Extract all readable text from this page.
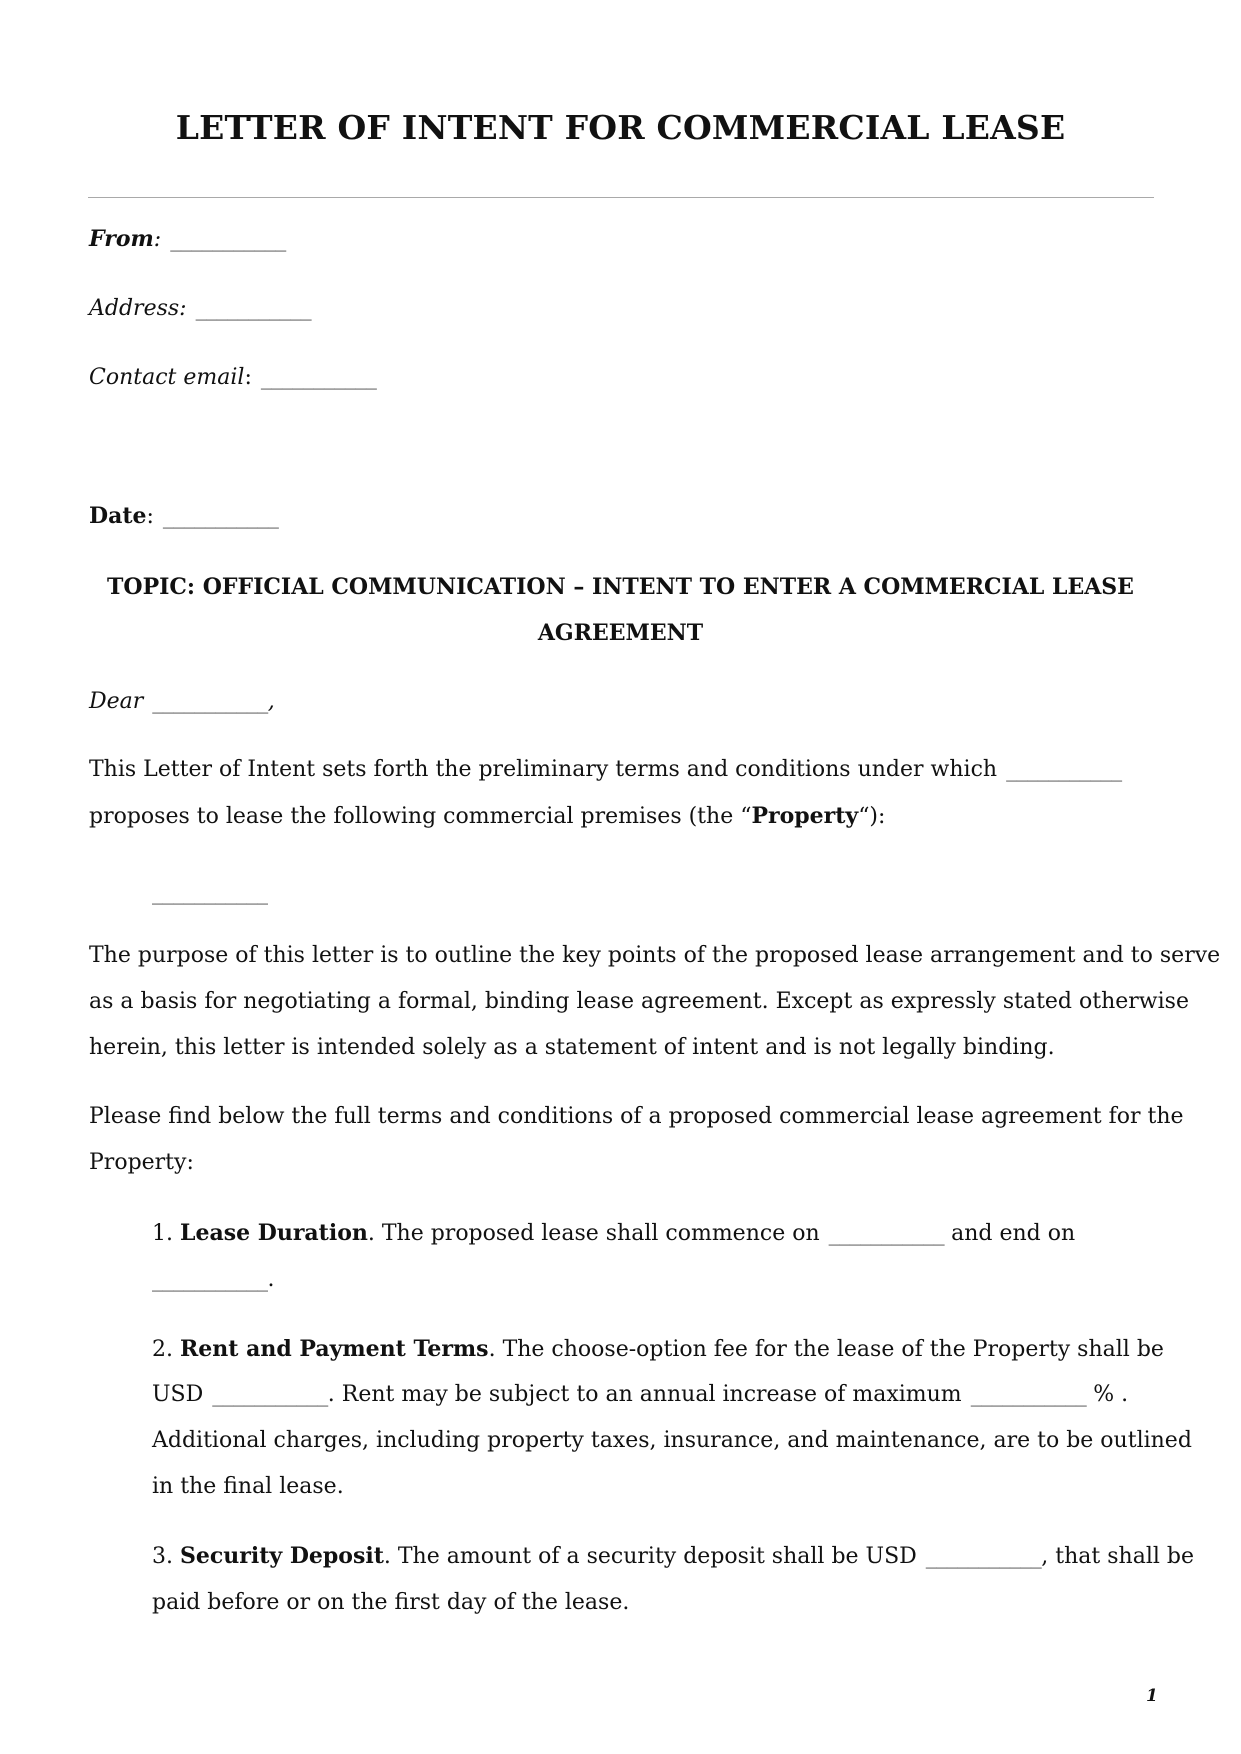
LETTER OF INTENT FOR COMMERCIAL LEASE
From: ___________
Address: ___________
Contact email: ___________
Date: ___________
TOPIC: OFFICIAL COMMUNICATION – INTENT TO ENTER A COMMERCIAL LEASE
AGREEMENT
Dear ___________,
This Letter of Intent sets forth the preliminary terms and conditions under which ___________
proposes to lease the following commercial premises (the “Property“):
___________
The purpose of this letter is to outline the key points of the proposed lease arrangement and to serve
as a basis for negotiating a formal, binding lease agreement. Except as expressly stated otherwise
herein, this letter is intended solely as a statement of intent and is not legally binding.
Please find below the full terms and conditions of a proposed commercial lease agreement for the
Property:
1. Lease Duration. The proposed lease shall commence on ___________ and end on
___________.
2. Rent and Payment Terms. The choose-option fee for the lease of the Property shall be
USD ___________. Rent may be subject to an annual increase of maximum ___________ % .
Additional charges, including property taxes, insurance, and maintenance, are to be outlined
in the final lease.
3. Security Deposit. The amount of a security deposit shall be USD ___________, that shall be
paid before or on the first day of the lease.
1
